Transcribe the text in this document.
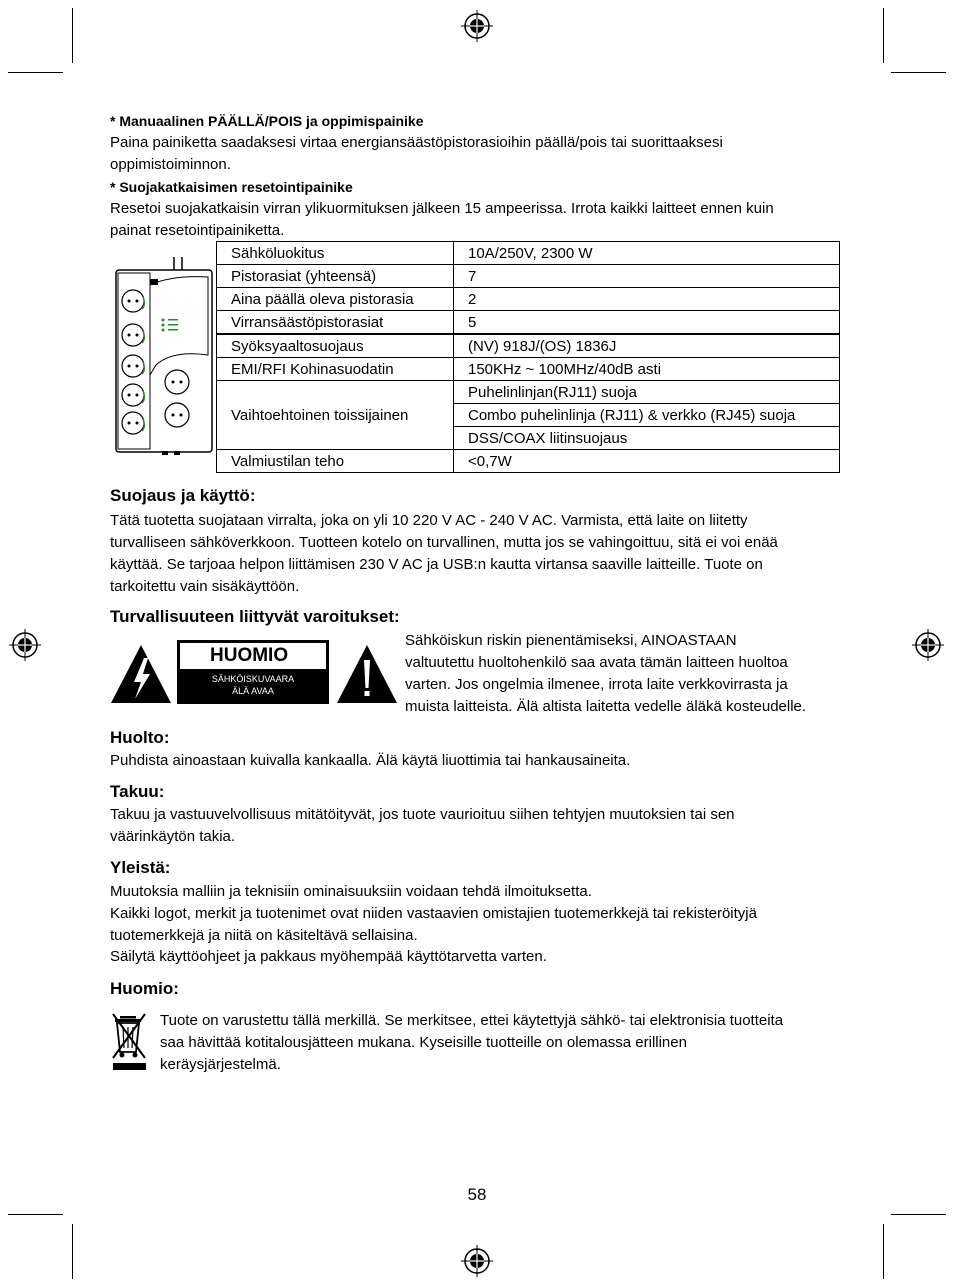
* Manuaalinen PÄÄLLÄ/POIS ja oppimispainike

Paina painiketta saadaksesi virtaa energiansäästöpistorasioihin päällä/pois tai suorittaaksesi

oppimistoiminnon.

* Suojakatkaisimen resetointipainike

Resetoi suojakatkaisin virran ylikuormituksen jälkeen 15 ampeerissa. Irrota kaikki laitteet ennen kuin

painat resetointipainiketta.

Sähköluokitus	10A/250V, 2300 W
Pistorasiat (yhteensä)	7
Aina päällä oleva pistorasia	2
Virransäästöpistorasiat	5
Syöksyaaltosuojaus	(NV) 918J/(OS) 1836J
EMI/RFI Kohinasuodatin	150KHz ~ 100MHz/40dB asti
Vaihtoehtoinen toissijainen	Puhelinlinjan(RJ11) suoja
	Combo puhelinlinja (RJ11) & verkko (RJ45) suoja
	DSS/COAX liitinsuojaus
Valmiustilan teho	<0,7W

Suojaus ja käyttö:

Tätä tuotetta suojataan virralta, joka on yli 10 220 V AC - 240 V AC. Varmista, että laite on liitetty

turvalliseen sähköverkkoon. Tuotteen kotelo on turvallinen, mutta jos se vahingoittuu, sitä ei voi enää

käyttää. Se tarjoaa helpon liittämisen 230 V AC ja USB:n kautta virtansa saaville laitteille. Tuote on

tarkoitettu vain sisäkäyttöön.

Turvallisuuteen liittyvät varoitukset:

HUOMIO
SÄHKÖISKUVAARA
ÄLÄ AVAA

Sähköiskun riskin pienentämiseksi, AINOASTAAN

valtuutettu huoltohenkilö saa avata tämän laitteen huoltoa

varten. Jos ongelmia ilmenee, irrota laite verkkovirrasta ja

muista laitteista. Älä altista laitetta vedelle äläkä kosteudelle.

Huolto:

Puhdista ainoastaan kuivalla kankaalla. Älä käytä liuottimia tai hankausaineita.

Takuu:

Takuu ja vastuuvelvollisuus mitätöityvät, jos tuote vaurioituu siihen tehtyjen muutoksien tai sen

väärinkäytön takia.

Yleistä:

Muutoksia malliin ja teknisiin ominaisuuksiin voidaan tehdä ilmoituksetta.

Kaikki logot, merkit ja tuotenimet ovat niiden vastaavien omistajien tuotemerkkejä tai rekisteröityjä

tuotemerkkejä ja niitä on käsiteltävä sellaisina.

Säilytä käyttöohjeet ja pakkaus myöhempää käyttötarvetta varten.

Huomio:

Tuote on varustettu tällä merkillä. Se merkitsee, ettei käytettyjä sähkö- tai elektronisia tuotteita

saa hävittää kotitalousjätteen mukana. Kyseisille tuotteille on olemassa erillinen

keräysjärjestelmä.

58
